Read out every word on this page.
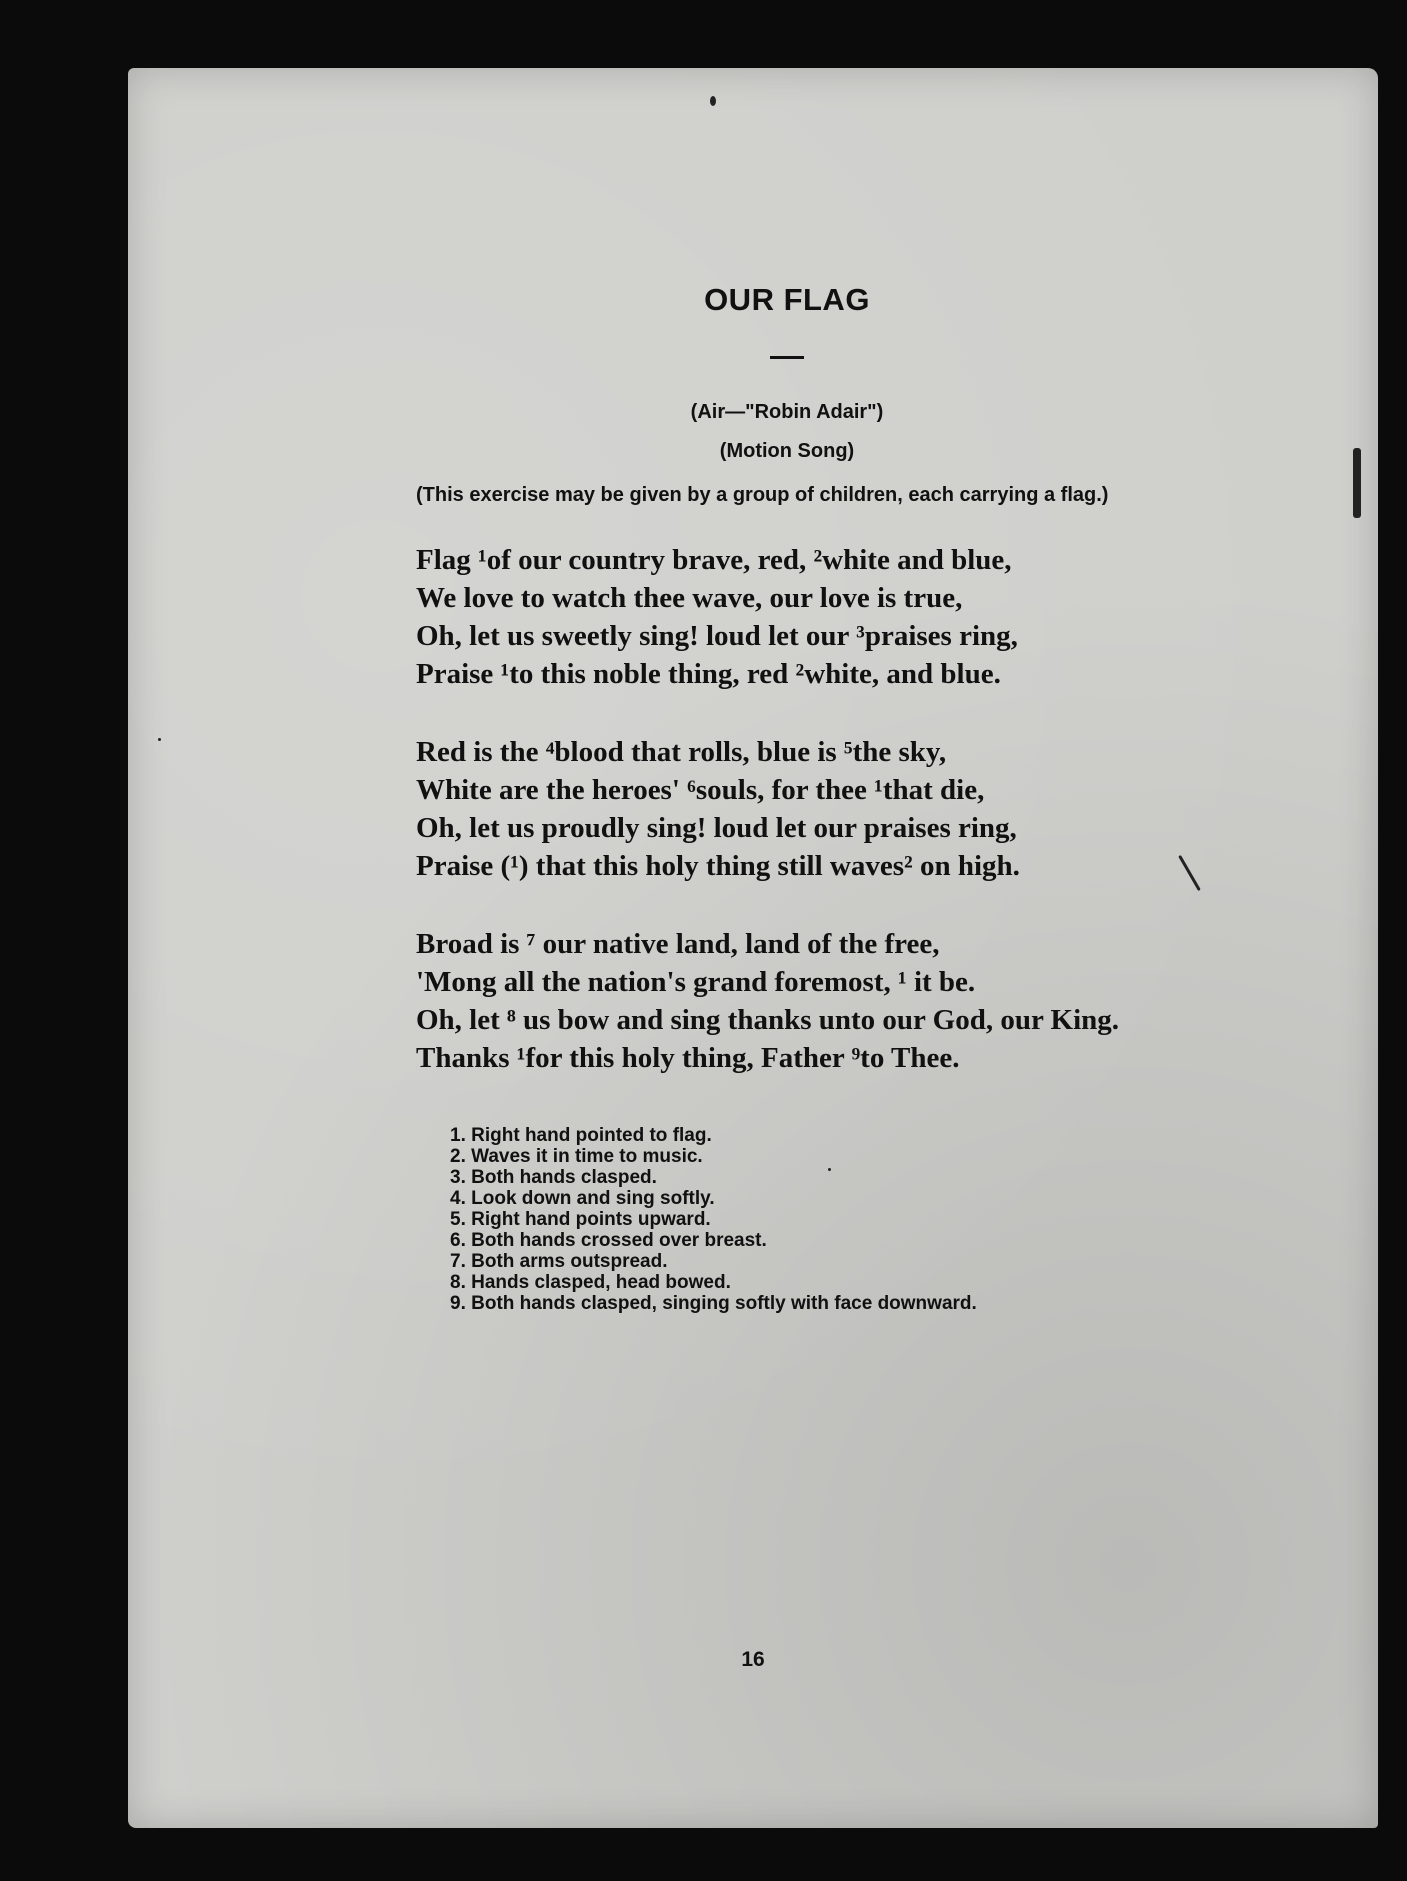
OUR FLAG

(Air—"Robin Adair")

(Motion Song)

(This exercise may be given by a group of children, each carrying a flag.)

Flag ¹of our country brave, red, ²white and blue,
We love to watch thee wave, our love is true,
Oh, let us sweetly sing! loud let our ³praises ring,
Praise ¹to this noble thing, red ²white, and blue.
Red is the ⁴blood that rolls, blue is ⁵the sky,
White are the heroes' ⁶souls, for thee ¹that die,
Oh, let us proudly sing! loud let our praises ring,
Praise (¹) that this holy thing still waves² on high.
Broad is ⁷ our native land, land of the free,
'Mong all the nation's grand foremost, ¹ it be.
Oh, let ⁸ us bow and sing thanks unto our God, our King.
Thanks ¹for this holy thing, Father ⁹to Thee.
1. Right hand pointed to flag.
2. Waves it in time to music.
3. Both hands clasped.
4. Look down and sing softly.
5. Right hand points upward.
6. Both hands crossed over breast.
7. Both arms outspread.
8. Hands clasped, head bowed.
9. Both hands clasped, singing softly with face downward.
16
